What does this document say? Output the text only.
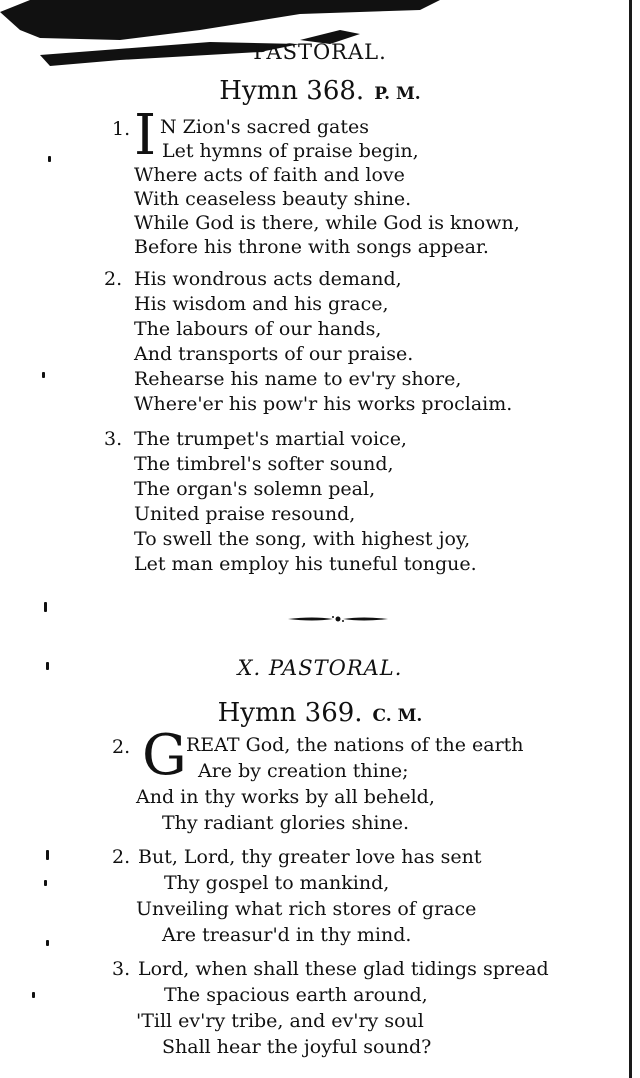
PASTORAL.
Hymn 368. P. M.
1. I N Zion's sacred gates
Let hymns of praise begin,
Where acts of faith and love
With ceaseless beauty shine.
While God is there, while God is known,
Before his throne with songs appear.
2. His wondrous acts demand,
His wisdom and his grace,
The labours of our hands,
And transports of our praise.
Rehearse his name to ev'ry shore,
Where'er his pow'r his works proclaim.
3. The trumpet's martial voice,
The timbrel's softer sound,
The organ's solemn peal,
United praise resound,
To swell the song, with highest joy,
Let man employ his tuneful tongue.
X. PASTORAL.
Hymn 369. C. M.
2. G REAT God, the nations of the earth
Are by creation thine;
And in thy works by all beheld,
Thy radiant glories shine.
2. But, Lord, thy greater love has sent
Thy gospel to mankind,
Unveiling what rich stores of grace
Are treasur'd in thy mind.
3. Lord, when shall these glad tidings spread
The spacious earth around,
'Till ev'ry tribe, and ev'ry soul
Shall hear the joyful sound?
